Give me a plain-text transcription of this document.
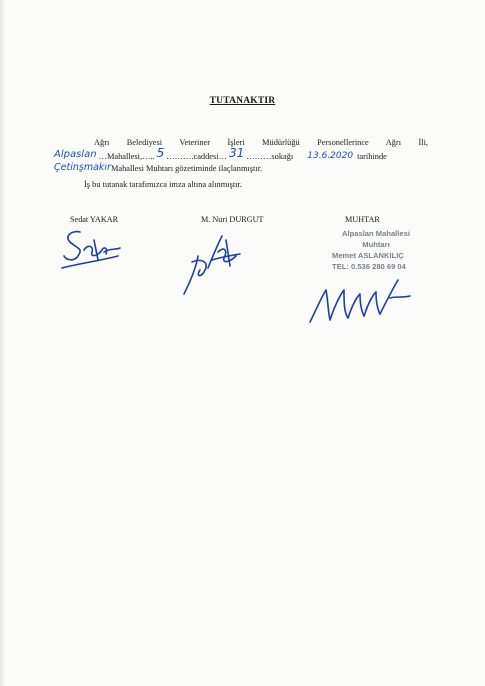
TUTANAKTIR
Ağrı Belediyesi Veteriner İşleri Müdürlüğü Personellerince Ağrı İli,
Alpaslan …Mahallesi,….. 5 ……….caddesi… 31 ………sokağı 13.6.2020 tarihinde
ÇetinşmakırMahallesi Muhtarı gözetiminde ilaçlanmıştır.
İş bu tutanak tarafımızca imza altına alınmıştır.
Sedat YAKAR	M. Nuri DURGUT	MUHTAR
Alpaslan Mahallesi
Muhtarı
Memet ASLANKILIÇ
TEL: 0.536 280 69 04
